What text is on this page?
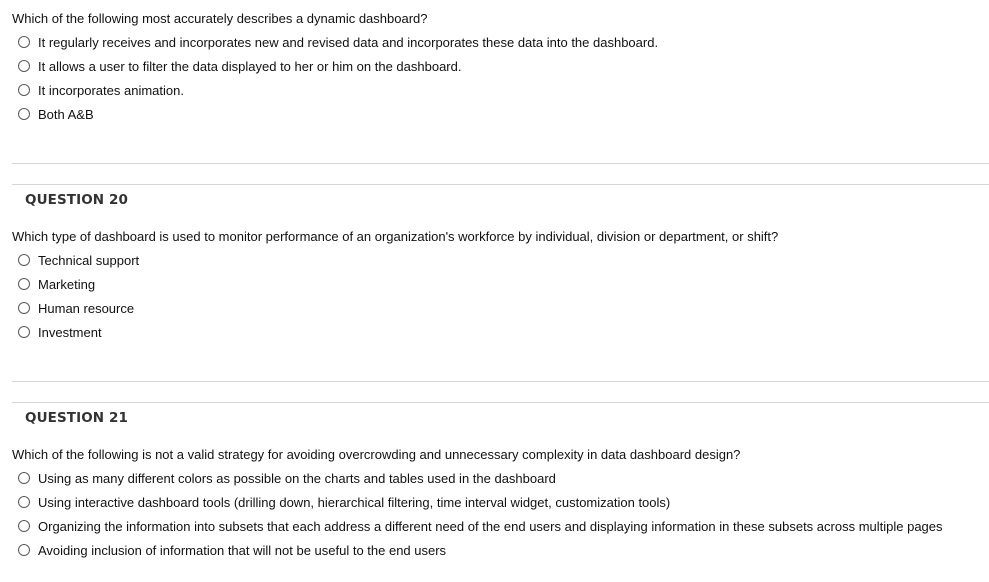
Which of the following most accurately describes a dynamic dashboard?
It regularly receives and incorporates new and revised data and incorporates these data into the dashboard.
It allows a user to filter the data displayed to her or him on the dashboard.
It incorporates animation.
Both A&B
QUESTION 20
Which type of dashboard is used to monitor performance of an organization's workforce by individual, division or department, or shift?
Technical support
Marketing
Human resource
Investment
QUESTION 21
Which of the following is not a valid strategy for avoiding overcrowding and unnecessary complexity in data dashboard design?
Using as many different colors as possible on the charts and tables used in the dashboard
Using interactive dashboard tools (drilling down, hierarchical filtering, time interval widget, customization tools)
Organizing the information into subsets that each address a different need of the end users and displaying information in these subsets across multiple pages
Avoiding inclusion of information that will not be useful to the end users
